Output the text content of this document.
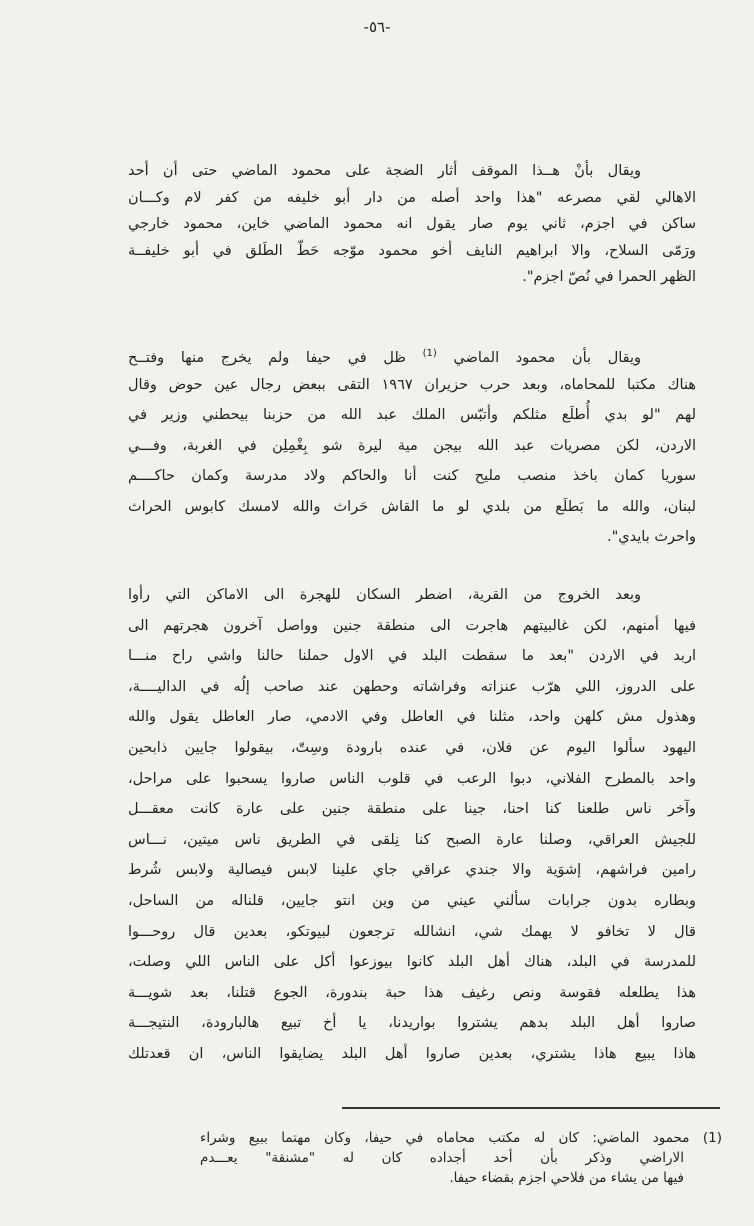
-٥٦-
ويقال بأنْ هــذا الموقف أثار الضجة على محمود الماضي حتى أن أحد
الاهالي لقي مصرعه "هذا واحد أصله من دار أبو خليفه من كفر لام وكـــان
ساكن في اجزم، ثاني يوم صار يقول انه محمود الماضي خاين، محمود خارجي
ورَمّى السلاح، والا ابراهيم النايف أخو محمود موّجه حَطّ الطَلق في أبو خليفــة
الظهر الحمرا في نُصّ اجزم".
ويقال بأن محمود الماضي $^{(1)}$ ظل في حيفا ولم يخرج منها وفتــح
هناك مكتبا للمحاماه، وبعد حرب حزيران ١٩٦٧ التقى ببعض رجال عين حوض وقال
لهم "لو بدي أُطلَع مثلكم وأتبّس الملك عبد الله من حزبنا بيحطني وزير في
الاردن، لكن مصريات عبد الله بيجن مية ليرة شو بِغْمِلِن في الغربة، وفـــي
سوريا كمان باخذ منصب مليح كنت أنا والحاكم ولاد مدرسة وكمان حاكــــم
لبنان، والله ما بَطلَع من بلدي لو ما القاش حَراث والله لامسك كابوس الحراث
واحرث بايدي".
وبعد الخروج من القرية، اضطر السكان للهجرة الى الاماكن التي رأوا
فيها أمنهم، لكن غالبيتهم هاجرت الى منطقة جنين وواصل آخرون هجرتهم الى
اربد في الاردن "بعد ما سقطت البلد في الاول حملنا حالنا واشي راح منـــا
على الدروز، اللي هرّب عنزاته وفراشاته وحطهن عند صاحب إلُه في الداليــــة،
وهذول مش كلهن واحد، مثلنا في العاطل وفي الادمي، صار العاطل يقول والله
اليهود سألوا اليوم عن فلان، في عنده بارودة وسِتّ، بيقولوا جايين ذابحين
واحد بالمطرح الفلاني، دبوا الرعب في قلوب الناس صاروا يسحبوا على مراحل،
وآخر ناس طلعنا كنا احنا، جينا على منطقة جنين على عارة كانت معقـــل
للجيش العراقي، وصلنا عارة الصبح كنا نِلقى في الطريق ناس ميتين، نـــاس
رامين فراشهم، إشوَية والا جندي عراقي جاي علينا لابس فيصالية ولابس شُرط
وبطاره بدون جرابات سألني عيني من وين انتو جايين، قلناله من الساحل،
قال لا تخافو لا يهمك شي، انشالله ترجعون لبيوتكو، بعدين قال روحـــوا
للمدرسة في البلد، هناك أهل البلد كانوا بيوزعوا أكل على الناس اللي وصلت،
هذا يطلعله فقوسة ونص رغيف هذا حبة بندورة، الجوع قتلنا، بعد شويـــة
صاروا أهل البلد بدهم يشتروا بواريدنا، يا أخ تبيع هالبارودة، النتيجـــة
هاذا يبيع هاذا يشتري، بعدين صاروا أهل البلد يضايقوا الناس، ان قعدتلك
(1) محمود الماضي: كان له مكتب محاماه في حيفا، وكان مهتما ببيع وشراء
الاراضي وذكر بأن أحد أجداده كان له "مشنقة" يعـــدم
فيها من يشاء من فلاحي اجزم بقضاء حيفا.
